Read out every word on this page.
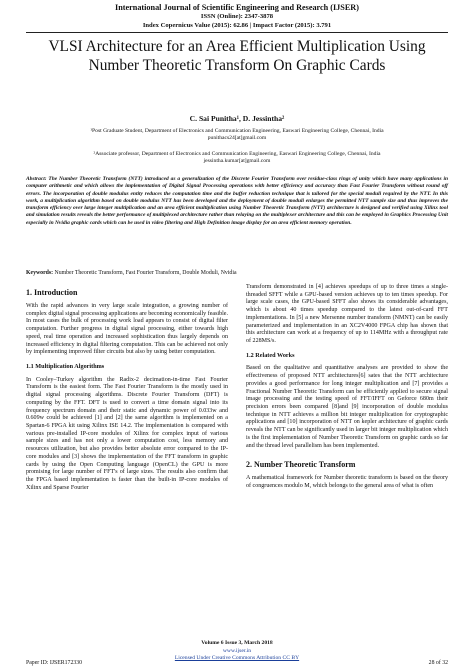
International Journal of Scientific Engineering and Research (IJSER)
ISSN (Online): 2347-3878
Index Copernicus Value (2015): 62.86 | Impact Factor (2015): 3.791
VLSI Architecture for an Area Efficient Multiplication Using Number Theoretic Transform On Graphic Cards
C. Sai Punitha¹, D. Jessintha²
¹Post Graduate Student, Department of Electronics and Communication Engineering, Easwari Engineering College, Chennai, India
punithacs24[at]gmail.com
²Associate professor, Department of Electronics and Communication Engineering, Easwari Engineering College, Chennai, India
jessintha.kumar[at]gmail.com
Abstract: The Number Theoretic Transform (NTT) introduced as a generalization of the Discrete Fourier Transform over residue-class rings of unity which have many applications in computer arithmetic and which allows the implementation of Digital Signal Processing operations with better efficiency and accuracy than Fast Fourier Transform without round off errors. The incorporation of double modulus entity reduces the computation time and the buffer reduction technique that is tailored for the special moduli required by the NTT. In this work, a multiplication algorithm based on double modulus NTT has been developed and the deployment of double moduli enlarges the permitted NTT sample size and thus improves the transform efficiency over large integer multiplication and an area efficient multiplication using Number Theoretic Transform (NTT) architecture is designed and verified using Xilinx tool and simulation results reveals the better performance of multiplexed architecture rather than relaying on the multiplexer architecture and this can be employed in Graphics Processing Unit especially in Nvidia graphic cards which can be used in video filtering and High Definition image display for an area efficient memory operation.
Keywords: Number Theoretic Transform, Fast Fourier Transform, Double Moduli, Nvidia
1. Introduction

With the rapid advances in very large scale integration, a growing number of complex digital signal processing applications are becoming economically feasible. In most cases the bulk of processing work load appears to consist of digital filter computation. Further progress in digital signal processing, either towards high speed, real time operation and increased sophistication thus largely depends on increased efficiency in digital filtering computation. This can be achieved not only by implementing improved filter circuits but also by using better computation.

1.1 Multiplication Algorithms

In Cooley–Turkey algorithm the Radix-2 decimation-in-time Fast Fourier Transform is the easiest form. The Fast Fourier Transform is the mostly used in digital signal processing algorithms. Discrete Fourier Transform (DFT) is computing by the FFT. DFT is used to convert a time domain signal into its frequency spectrum domain and their static and dynamic power of 0.033w and 0.609w could be achieved [1] and [2] the same algorithm is implemented on a Spartan-6 FPGA kit using Xilinx ISE 14.2. The implementation is compared with various pre-installed IP-core modules of Xilinx for complex input of various sample sizes and has not only a lower computation cost, less memory and resources utilization, but also provides better absolute error compared to the IP-core modules and [3] shows the implementation of the FFT transform in graphic cards by using the Open Computing language (OpenCL) the GPU is more promising for large number of FFT's of large sizes. The results also confirm that the FPGA based implementation is faster than the built-in IP-core modules of Xilinx and Sparse Fourier

Transform demonstrated in [4] achieves speedups of up to three times a single-threaded SFFT while a GPU-based version achieves up to ten times speedup. For large scale cases, the GPU-based SFFT also shows its considerable advantages, which is about 40 times speedup compared to the latest out-of-card FFT implementations. In [5] a new Mersenne number transform (NMNT) can be easily parameterized and implementation in an XC2V4000 FPGA chip has shown that this architecture can work at a frequency of up to 114MHz with a throughput rate of 228MS/s.

1.2 Related Works

Based on the qualitative and quantitative analyses are provided to show the effectiveness of proposed NTT architectures[6] sates that the NTT architecture provides a good performance for long integer multiplication and [7] provides a Fractional Number Theoretic Transform can be efficiently applied to secure signal image processing and the testing speed of FFT/IFFT on Geforce 680m their precision errors been compared [8]and [9] incorporation of double modulus technique in NTT achieves a million bit integer multiplication for cryptographic applications and [10] incorporation of NTT on kepler architecture of graphic cards reveals the NTT can be significantly used in larger bit integer multiplication which is the first implementation of Number Theoretic Transform on graphic cards so far and the thread level parallelism has been implemented.

2. Number Theoretic Transform

A mathematical framework for Number theoretic transform is based on the theory of congruences modulo M, which belongs to the general area of what is often

Volume 6 Issue 3, March 2018
www.ijser.in
Licensed Under Creative Commons Attribution CC BY
Paper ID: IJSER172330	28 of 32
